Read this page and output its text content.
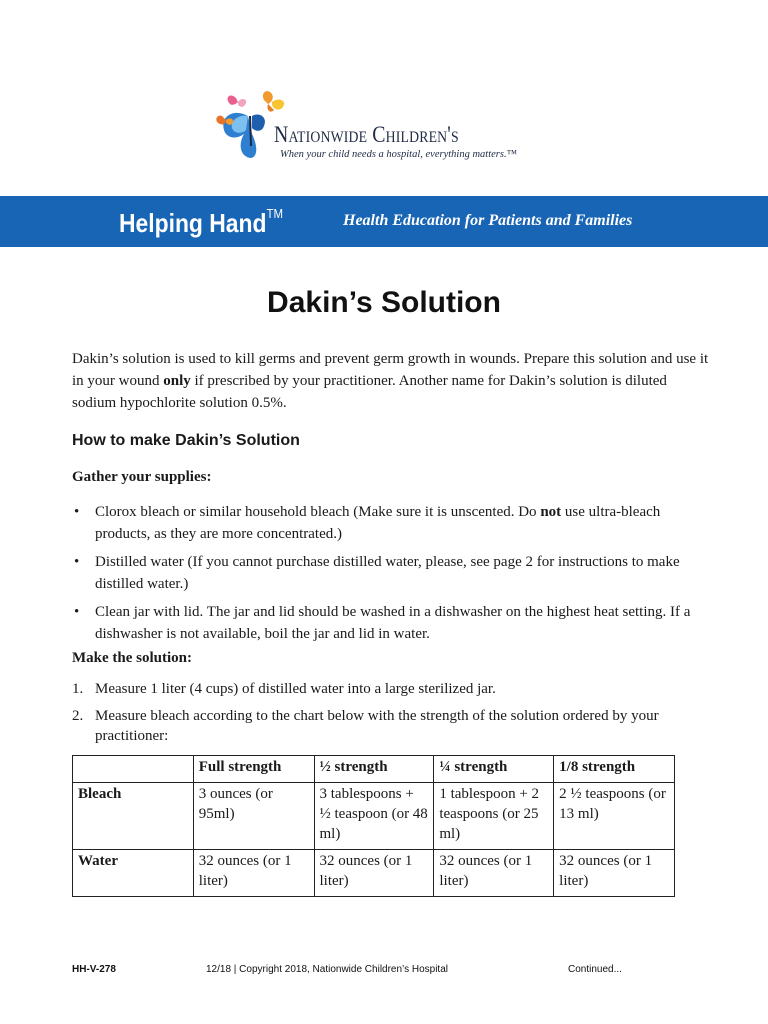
Nationwide Children's
When your child needs a hospital, everything matters.™
Helping Hand™	Health Education for Patients and Families
Dakin’s Solution

Dakin’s solution is used to kill germs and prevent germ growth in wounds. Prepare this solution and use it in your wound only if prescribed by your practitioner. Another name for Dakin’s solution is diluted sodium hypochlorite solution 0.5%.

How to make Dakin’s Solution

Gather your supplies:

• Clorox bleach or similar household bleach (Make sure it is unscented. Do not use ultra-bleach products, as they are more concentrated.)
• Distilled water (If you cannot purchase distilled water, please, see page 2 for instructions to make distilled water.)
• Clean jar with lid. The jar and lid should be washed in a dishwasher on the highest heat setting. If a dishwasher is not available, boil the jar and lid in water.

Make the solution:

1. Measure 1 liter (4 cups) of distilled water into a large sterilized jar.
2. Measure bleach according to the chart below with the strength of the solution ordered by your practitioner:
	Full strength	½ strength	¼ strength	1/8 strength
Bleach	3 ounces (or 95ml)	3 tablespoons + ½ teaspoon (or 48 ml)	1 tablespoon + 2 teaspoons (or 25 ml)	2 ½ teaspoons (or 13 ml)
Water	32 ounces (or 1 liter)	32 ounces (or 1 liter)	32 ounces (or 1 liter)	32 ounces (or 1 liter)
HH-V-278	12/18 | Copyright 2018, Nationwide Children’s Hospital	Continued...
